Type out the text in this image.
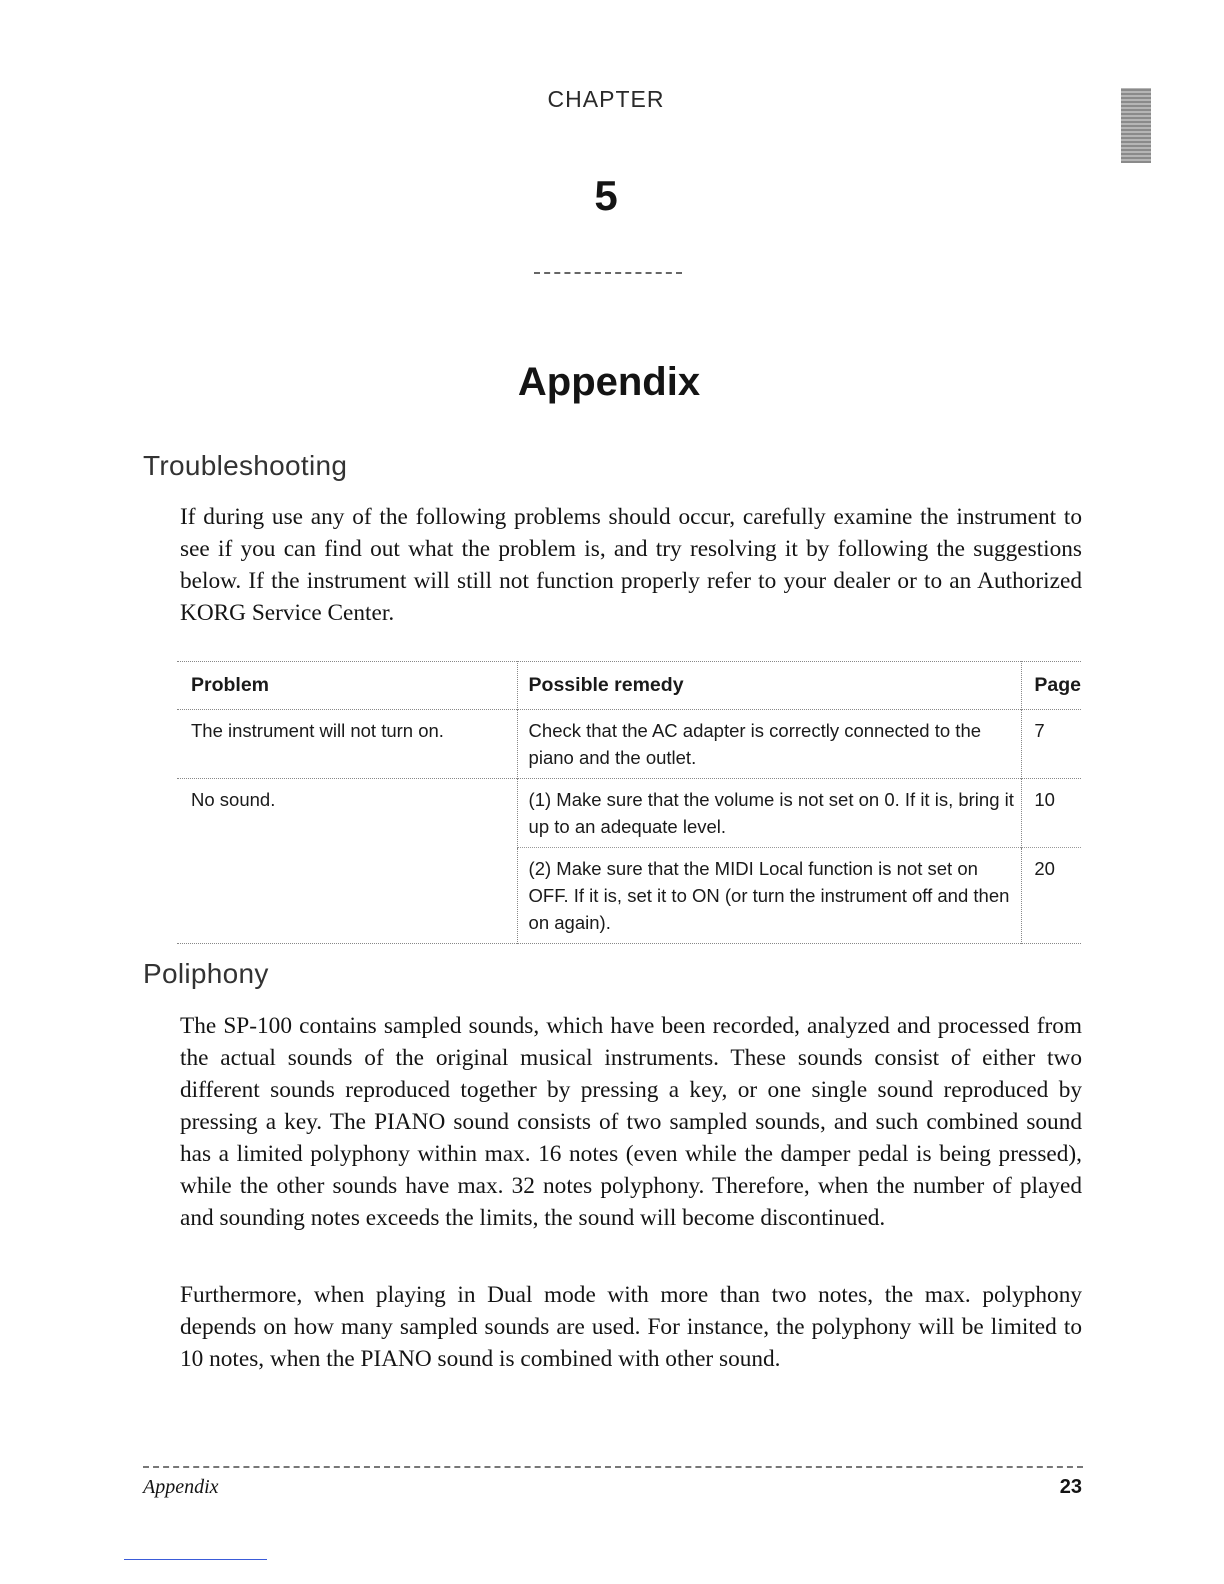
CHAPTER
5
Appendix
Troubleshooting
If during use any of the following problems should occur, carefully examine the instrument to see if you can find out what the problem is, and try resolving it by following the suggestions below. If the instrument will still not function properly refer to your dealer or to an Authorized KORG Service Center.
Problem	Possible remedy	Page
The instrument will not turn on.	Check that the AC adapter is correctly connected to the piano and the outlet.	7
No sound.	(1) Make sure that the volume is not set on 0. If it is, bring it up to an adequate level.	10
	(2) Make sure that the MIDI Local function is not set on OFF. If it is, set it to ON (or turn the instrument off and then on again).	20
Poliphony
The SP-100 contains sampled sounds, which have been recorded, analyzed and processed from the actual sounds of the original musical instruments. These sounds consist of either two different sounds reproduced together by pressing a key, or one single sound reproduced by pressing a key. The PIANO sound consists of two sampled sounds, and such combined sound has a limited polyphony within max. 16 notes (even while the damper pedal is being pressed), while the other sounds have max. 32 notes polyphony. Therefore, when the number of played and sounding notes exceeds the limits, the sound will become discontinued.
Furthermore, when playing in Dual mode with more than two notes, the max. polyphony depends on how many sampled sounds are used. For instance, the polyphony will be limited to 10 notes, when the PIANO sound is combined with other sound.
Appendix	23
